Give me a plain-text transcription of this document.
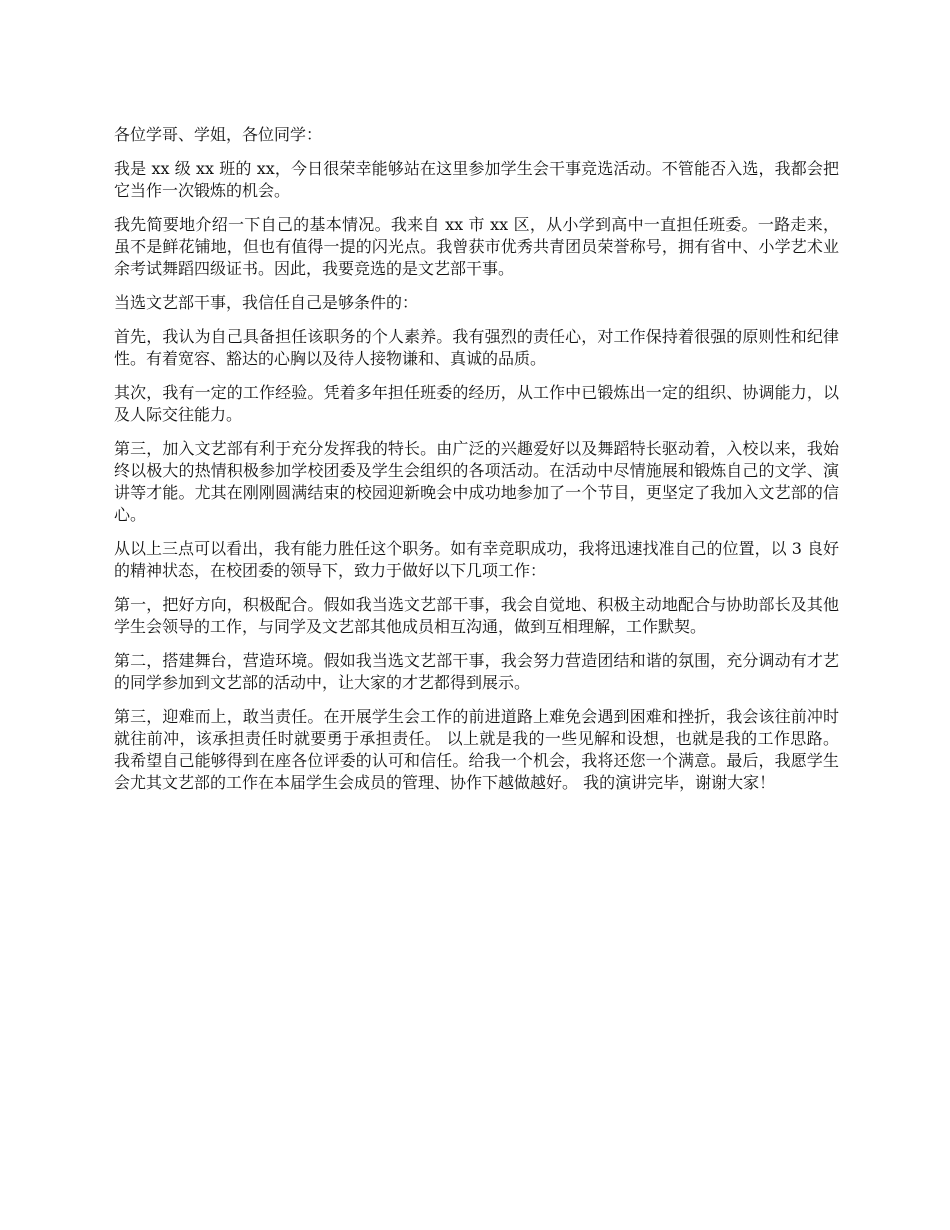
各位学哥、学姐，各位同学：

我是 xx 级 xx 班的 xx，今日很荣幸能够站在这里参加学生会干事竞选活动。不管能否入选，我都会把它当作一次锻炼的机会。

我先简要地介绍一下自己的基本情况。我来自 xx 市 xx 区，从小学到高中一直担任班委。一路走来，虽不是鲜花铺地，但也有值得一提的闪光点。我曾获市优秀共青团员荣誉称号，拥有省中、小学艺术业余考试舞蹈四级证书。因此，我要竞选的是文艺部干事。

当选文艺部干事，我信任自己是够条件的：

首先，我认为自己具备担任该职务的个人素养。我有强烈的责任心，对工作保持着很强的原则性和纪律性。有着宽容、豁达的心胸以及待人接物谦和、真诚的品质。

其次，我有一定的工作经验。凭着多年担任班委的经历，从工作中已锻炼出一定的组织、协调能力，以及人际交往能力。

第三，加入文艺部有利于充分发挥我的特长。由广泛的兴趣爱好以及舞蹈特长驱动着，入校以来，我始终以极大的热情积极参加学校团委及学生会组织的各项活动。在活动中尽情施展和锻炼自己的文学、演讲等才能。尤其在刚刚圆满结束的校园迎新晚会中成功地参加了一个节目，更坚定了我加入文艺部的信心。

从以上三点可以看出，我有能力胜任这个职务。如有幸竞职成功，我将迅速找准自己的位置，以 3 良好的精神状态，在校团委的领导下，致力于做好以下几项工作：

第一，把好方向，积极配合。假如我当选文艺部干事，我会自觉地、积极主动地配合与协助部长及其他学生会领导的工作，与同学及文艺部其他成员相互沟通，做到互相理解，工作默契。

第二，搭建舞台，营造环境。假如我当选文艺部干事，我会努力营造团结和谐的氛围，充分调动有才艺的同学参加到文艺部的活动中，让大家的才艺都得到展示。

第三，迎难而上，敢当责任。在开展学生会工作的前进道路上难免会遇到困难和挫折，我会该往前冲时就往前冲，该承担责任时就要勇于承担责任。 以上就是我的一些见解和设想，也就是我的工作思路。 我希望自己能够得到在座各位评委的认可和信任。给我一个机会，我将还您一个满意。最后，我愿学生会尤其文艺部的工作在本届学生会成员的管理、协作下越做越好。 我的演讲完毕，谢谢大家！
